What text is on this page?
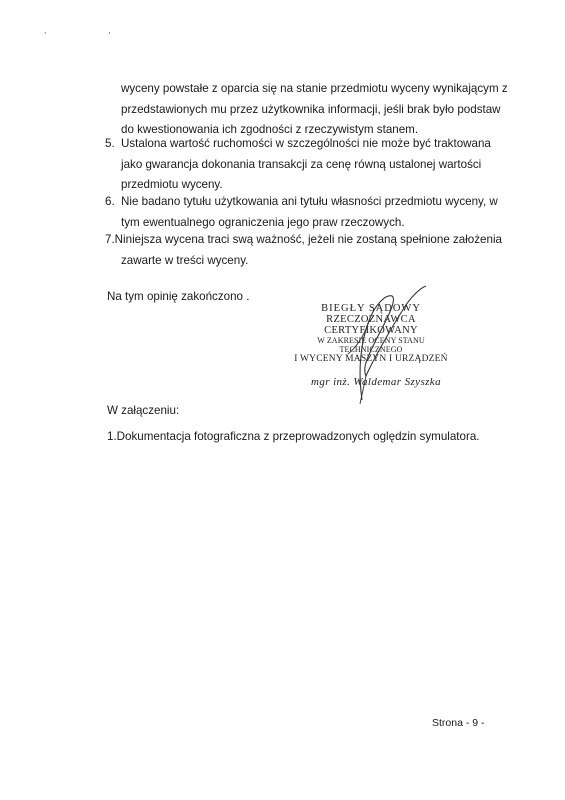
, ,
wyceny powstałe z oparcia się na stanie przedmiotu wyceny wynikającym z
przedstawionych mu przez użytkownika informacji, jeśli brak było podstaw
do kwestionowania ich zgodności z rzeczywistym stanem.
5. Ustalona wartość ruchomości w szczególności nie może być traktowana
jako gwarancja dokonania transakcji za cenę równą ustalonej wartości
przedmiotu wyceny.
6. Nie badano tytułu użytkowania ani tytułu własności przedmiotu wyceny, w
tym ewentualnego ograniczenia jego praw rzeczowych.
7.Niniejsza wycena traci swą ważność, jeżeli nie zostaną spełnione założenia
zawarte w treści wyceny.
Na tym opinię zakończono .
BIEGŁY SĄDOWY
RZECZOZNAWCA CERTYFIKOWANY
W ZAKRESIE OCENY STANU TECHNICZNEGO
I WYCENY MASZYN I URZĄDZEŃ
mgr inż. Waldemar Szyszka
W załączeniu:
1.Dokumentacja fotograficzna z przeprowadzonych oględzin symulatora.
Strona - 9 -
